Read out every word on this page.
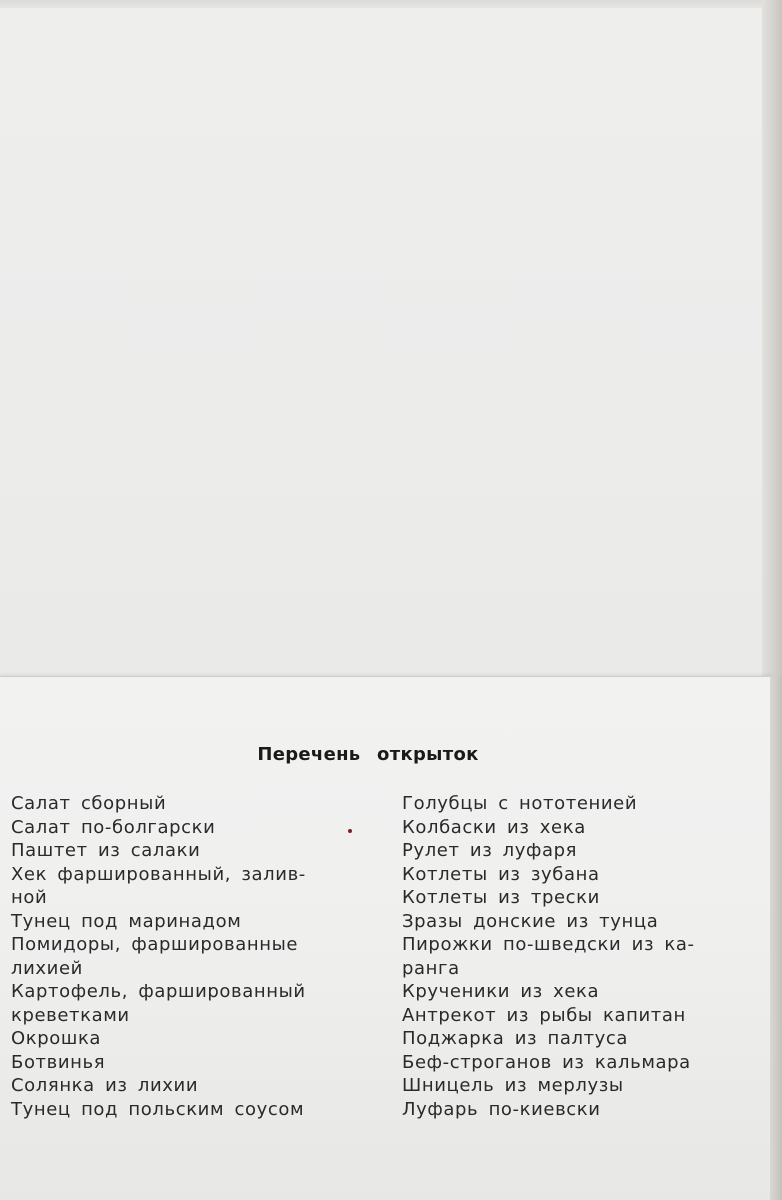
Перечень открыток
Салат сборный
Салат по-болгарски
Паштет из салаки
Хек фаршированный, залив-
ной
Тунец под маринадом
Помидоры, фаршированные
лихией
Картофель, фаршированный
креветками
Окрошка
Ботвинья
Солянка из лихии
Тунец под польским соусом
Голубцы с нототенией
Колбаски из хека
Рулет из луфаря
Котлеты из зубана
Котлеты из трески
Зразы донские из тунца
Пирожки по-шведски из ка-
ранга
Крученики из хека
Антрекот из рыбы капитан
Поджарка из палтуса
Беф-строганов из кальмара
Шницель из мерлузы
Луфарь по-киевски
